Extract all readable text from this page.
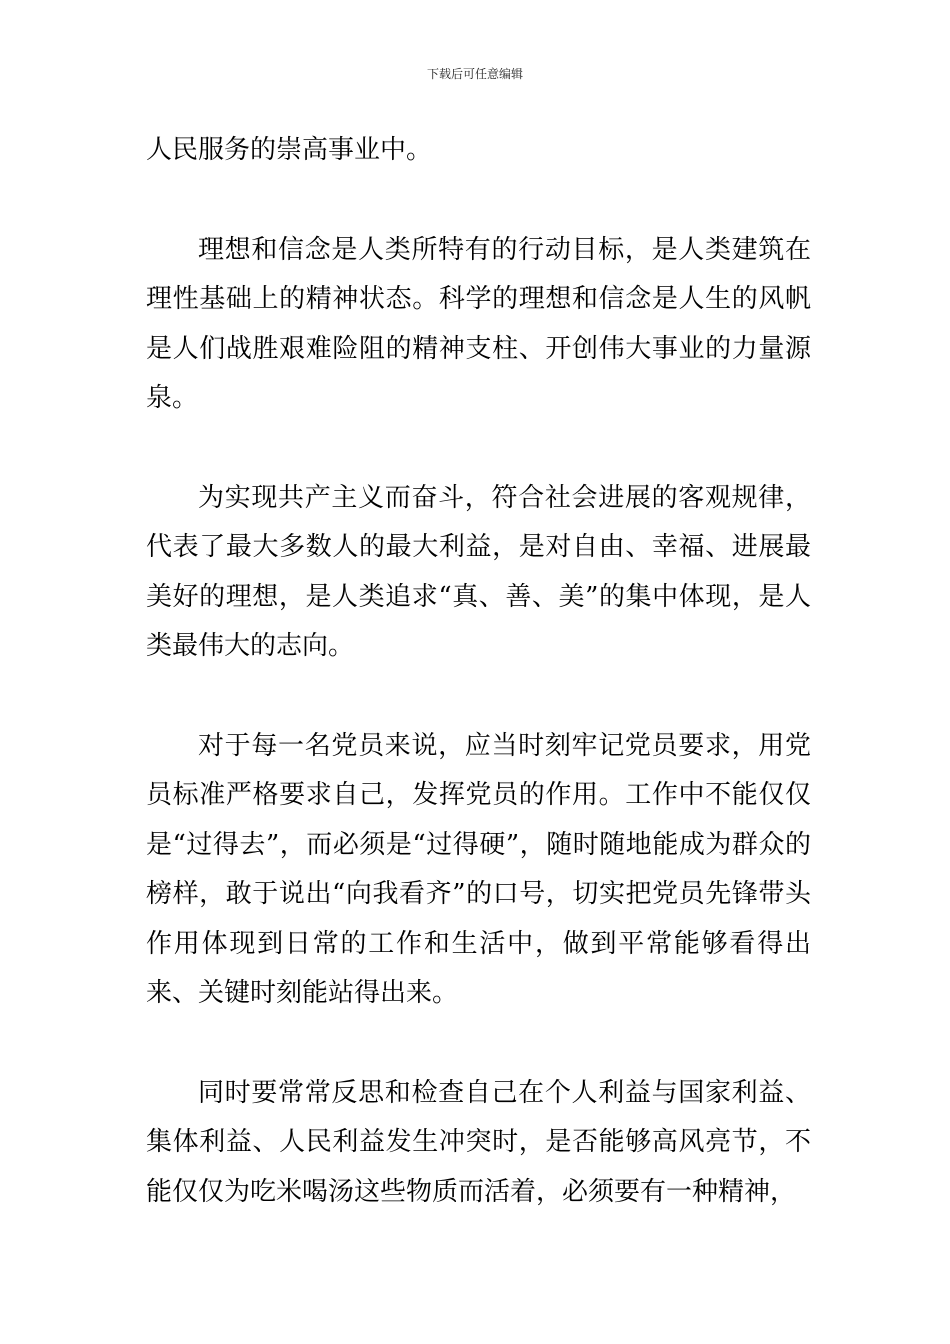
下载后可任意编辑

人民服务的崇高事业中。

理想和信念是人类所特有的行动目标，是人类建筑在理性基础上的精神状态。科学的理想和信念是人生的风帆是人们战胜艰难险阻的精神支柱、开创伟大事业的力量源泉。

为实现共产主义而奋斗，符合社会进展的客观规律，代表了最大多数人的最大利益，是对自由、幸福、进展最美好的理想，是人类追求“真、善、美”的集中体现，是人类最伟大的志向。

对于每一名党员来说，应当时刻牢记党员要求，用党员标准严格要求自己，发挥党员的作用。工作中不能仅仅是“过得去”，而必须是“过得硬”，随时随地能成为群众的榜样，敢于说出“向我看齐”的口号，切实把党员先锋带头作用体现到日常的工作和生活中，做到平常能够看得出来、关键时刻能站得出来。

同时要常常反思和检查自己在个人利益与国家利益、集体利益、人民利益发生冲突时，是否能够高风亮节，不能仅仅为吃米喝汤这些物质而活着，必须要有一种精神，
